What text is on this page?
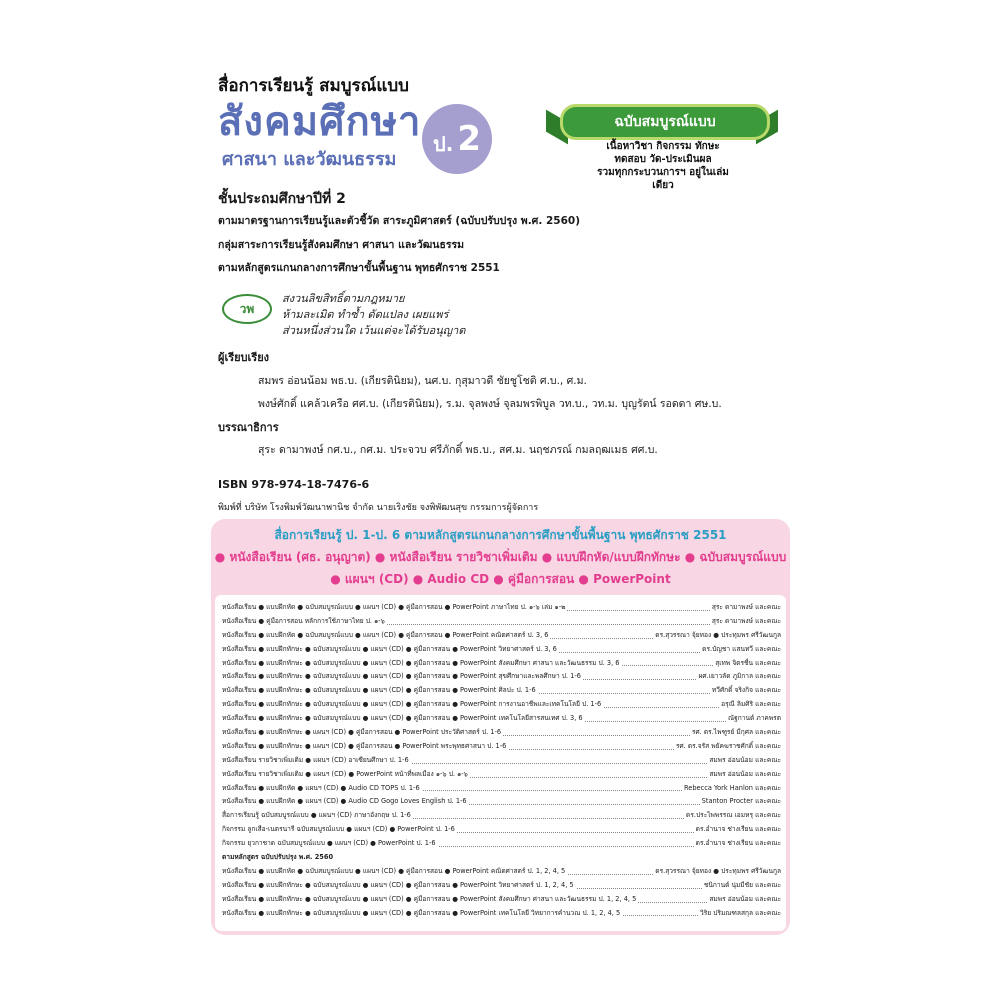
สื่อการเรียนรู้ สมบูรณ์แบบ
สังคมศึกษา
ศาสนา และวัฒนธรรม
ป. 2	ฉบับสมบูรณ์แบบ
เนื้อหาวิชา กิจกรรม ทักษะ
ทดสอบ วัด-ประเมินผล
รวมทุกกระบวนการฯ อยู่ในเล่มเดียว
ชั้นประถมศึกษาปีที่ 2
ตามมาตรฐานการเรียนรู้และตัวชี้วัด สาระภูมิศาสตร์ (ฉบับปรับปรุง พ.ศ. 2560)
กลุ่มสาระการเรียนรู้สังคมศึกษา ศาสนา และวัฒนธรรม
ตามหลักสูตรแกนกลางการศึกษาขั้นพื้นฐาน พุทธศักราช 2551
วพ
สงวนลิขสิทธิ์ตามกฎหมาย
ห้ามละเมิด ทำซ้ำ ดัดแปลง เผยแพร่
ส่วนหนึ่งส่วนใด เว้นแต่จะได้รับอนุญาต
ผู้เรียบเรียง
สมพร อ่อนน้อม พธ.บ. (เกียรตินิยม), นศ.บ. กุสุมาวดี ชัยชูโชติ ศ.บ., ศ.ม.
พงษ์ศักดิ์ แคล้วเครือ ศศ.บ. (เกียรตินิยม), ร.ม. จุลพงษ์ จุลมพรพิบูล วท.บ., วท.ม. บุญรัตน์ รอดดา ศษ.บ.
บรรณาธิการ
สุระ ดามาพงษ์ กศ.บ., กศ.ม. ประจวบ ศรีภักดิ์ พธ.บ., สศ.ม. นฤชภรณ์ กมลฤฒเมธ ศศ.บ.
ISBN 978-974-18-7476-6
พิมพ์ที่ บริษัท โรงพิมพ์วัฒนาพานิช จำกัด นายเริงชัย จงพิพัฒนสุข กรรมการผู้จัดการ
สื่อการเรียนรู้ ป. 1-ป. 6 ตามหลักสูตรแกนกลางการศึกษาขั้นพื้นฐาน พุทธศักราช 2551
● หนังสือเรียน (ศธ. อนุญาต) ● หนังสือเรียน รายวิชาเพิ่มเติม ● แบบฝึกหัด/แบบฝึกทักษะ ● ฉบับสมบูรณ์แบบ
● แผนฯ (CD) ● Audio CD ● คู่มือการสอน ● PowerPoint
หนังสือเรียน ● แบบฝึกหัด ● ฉบับสมบูรณ์แบบ ● แผนฯ (CD) ● คู่มือการสอน ● PowerPoint ภาษาไทย ป. ๑-๖ เล่ม ๑-๒	สุระ ดามาพงษ์ และคณะ
หนังสือเรียน ● คู่มือการสอน หลักการใช้ภาษาไทย ป. ๑-๖	สุระ ดามาพงษ์ และคณะ
หนังสือเรียน ● แบบฝึกหัด ● ฉบับสมบูรณ์แบบ ● แผนฯ (CD) ● คู่มือการสอน ● PowerPoint คณิตศาสตร์ ป. 3, 6	ดร.สุวรรณา จุ้ยทอง ● ประทุมพร ศรีวัฒนกูล
หนังสือเรียน ● แบบฝึกทักษะ ● ฉบับสมบูรณ์แบบ ● แผนฯ (CD) ● คู่มือการสอน ● PowerPoint วิทยาศาสตร์ ป. 3, 6	ดร.บัญชา แสนทวี และคณะ
หนังสือเรียน ● แบบฝึกทักษะ ● ฉบับสมบูรณ์แบบ ● แผนฯ (CD) ● คู่มือการสอน ● PowerPoint สังคมศึกษา ศาสนา และวัฒนธรรม ป. 3, 6	สุเทพ จิตรชื่น และคณะ
หนังสือเรียน ● แบบฝึกทักษะ ● ฉบับสมบูรณ์แบบ ● แผนฯ (CD) ● คู่มือการสอน ● PowerPoint สุขศึกษาและพลศึกษา ป. 1-6	ผศ.เยาวลัด ภูมิกาล และคณะ
หนังสือเรียน ● แบบฝึกทักษะ ● ฉบับสมบูรณ์แบบ ● แผนฯ (CD) ● คู่มือการสอน ● PowerPoint ศิลปะ ป. 1-6	ทวีศักดิ์ จริงกิจ และคณะ
หนังสือเรียน ● แบบฝึกทักษะ ● ฉบับสมบูรณ์แบบ ● แผนฯ (CD) ● คู่มือการสอน ● PowerPoint การงานอาชีพและเทคโนโลยี ป. 1-6	อรุณี ลิมศิริ และคณะ
หนังสือเรียน ● แบบฝึกทักษะ ● ฉบับสมบูรณ์แบบ ● แผนฯ (CD) ● คู่มือการสอน ● PowerPoint เทคโนโลยีสารสนเทศ ป. 3, 6	ณัฐกานต์ ภาคพรต
หนังสือเรียน ● แบบฝึกทักษะ ● แผนฯ (CD) ● คู่มือการสอน ● PowerPoint ประวัติศาสตร์ ป. 1-6	รศ. ดร.ไพฑูรย์ มีกุศล และคณะ
หนังสือเรียน ● แบบฝึกทักษะ ● แผนฯ (CD) ● คู่มือการสอน ● PowerPoint พระพุทธศาสนา ป. 1-6	รศ. ดร.จรัส พยัคฆราชศักดิ์ และคณะ
หนังสือเรียน รายวิชาเพิ่มเติม ● แผนฯ (CD) อาเซียนศึกษา ป. 1-6	สมพร อ่อนน้อม และคณะ
หนังสือเรียน รายวิชาเพิ่มเติม ● แผนฯ (CD) ● PowerPoint หน้าที่พลเมือง ๑-๖ ป. ๑-๖	สมพร อ่อนน้อม และคณะ
หนังสือเรียน ● แบบฝึกหัด ● แผนฯ (CD) ● Audio CD TOPS ป. 1-6	Rebecca York Hanlon และคณะ
หนังสือเรียน ● แบบฝึกหัด ● แผนฯ (CD) ● Audio CD Gogo Loves English ป. 1-6	Stanton Procter และคณะ
สื่อการเรียนรู้ ฉบับสมบูรณ์แบบ ● แผนฯ (CD) ภาษาอังกฤษ ป. 1-6	ดร.ประไพพรรณ เอมหรุ และคณะ
กิจกรรม ลูกเสือ-เนตรนารี ฉบับสมบูรณ์แบบ ● แผนฯ (CD) ● PowerPoint ป. 1-6	ดร.อำนาจ ช่างเรียน และคณะ
กิจกรรม ยุวกาชาด ฉบับสมบูรณ์แบบ ● แผนฯ (CD) ● PowerPoint ป. 1-6	ดร.อำนาจ ช่างเรียน และคณะ
ตามหลักสูตร ฉบับปรับปรุง พ.ศ. 2560
หนังสือเรียน ● แบบฝึกหัด ● ฉบับสมบูรณ์แบบ ● แผนฯ (CD) ● คู่มือการสอน ● PowerPoint คณิตศาสตร์ ป. 1, 2, 4, 5	ดร.สุวรรณา จุ้ยทอง ● ประทุมพร ศรีวัฒนกูล
หนังสือเรียน ● แบบฝึกทักษะ ● ฉบับสมบูรณ์แบบ ● แผนฯ (CD) ● คู่มือการสอน ● PowerPoint วิทยาศาสตร์ ป. 1, 2, 4, 5	ชนิกานต์ นุ่มมีชัย และคณะ
หนังสือเรียน ● แบบฝึกทักษะ ● ฉบับสมบูรณ์แบบ ● แผนฯ (CD) ● คู่มือการสอน ● PowerPoint สังคมศึกษา ศาสนา และวัฒนธรรม ป. 1, 2, 4, 5	สมพร อ่อนน้อม และคณะ
หนังสือเรียน ● แบบฝึกทักษะ ● ฉบับสมบูรณ์แบบ ● แผนฯ (CD) ● คู่มือการสอน ● PowerPoint เทคโนโลยี วิทยาการคำนวณ ป. 1, 2, 4, 5	วิริย ปริมณฑลสกุล และคณะ
